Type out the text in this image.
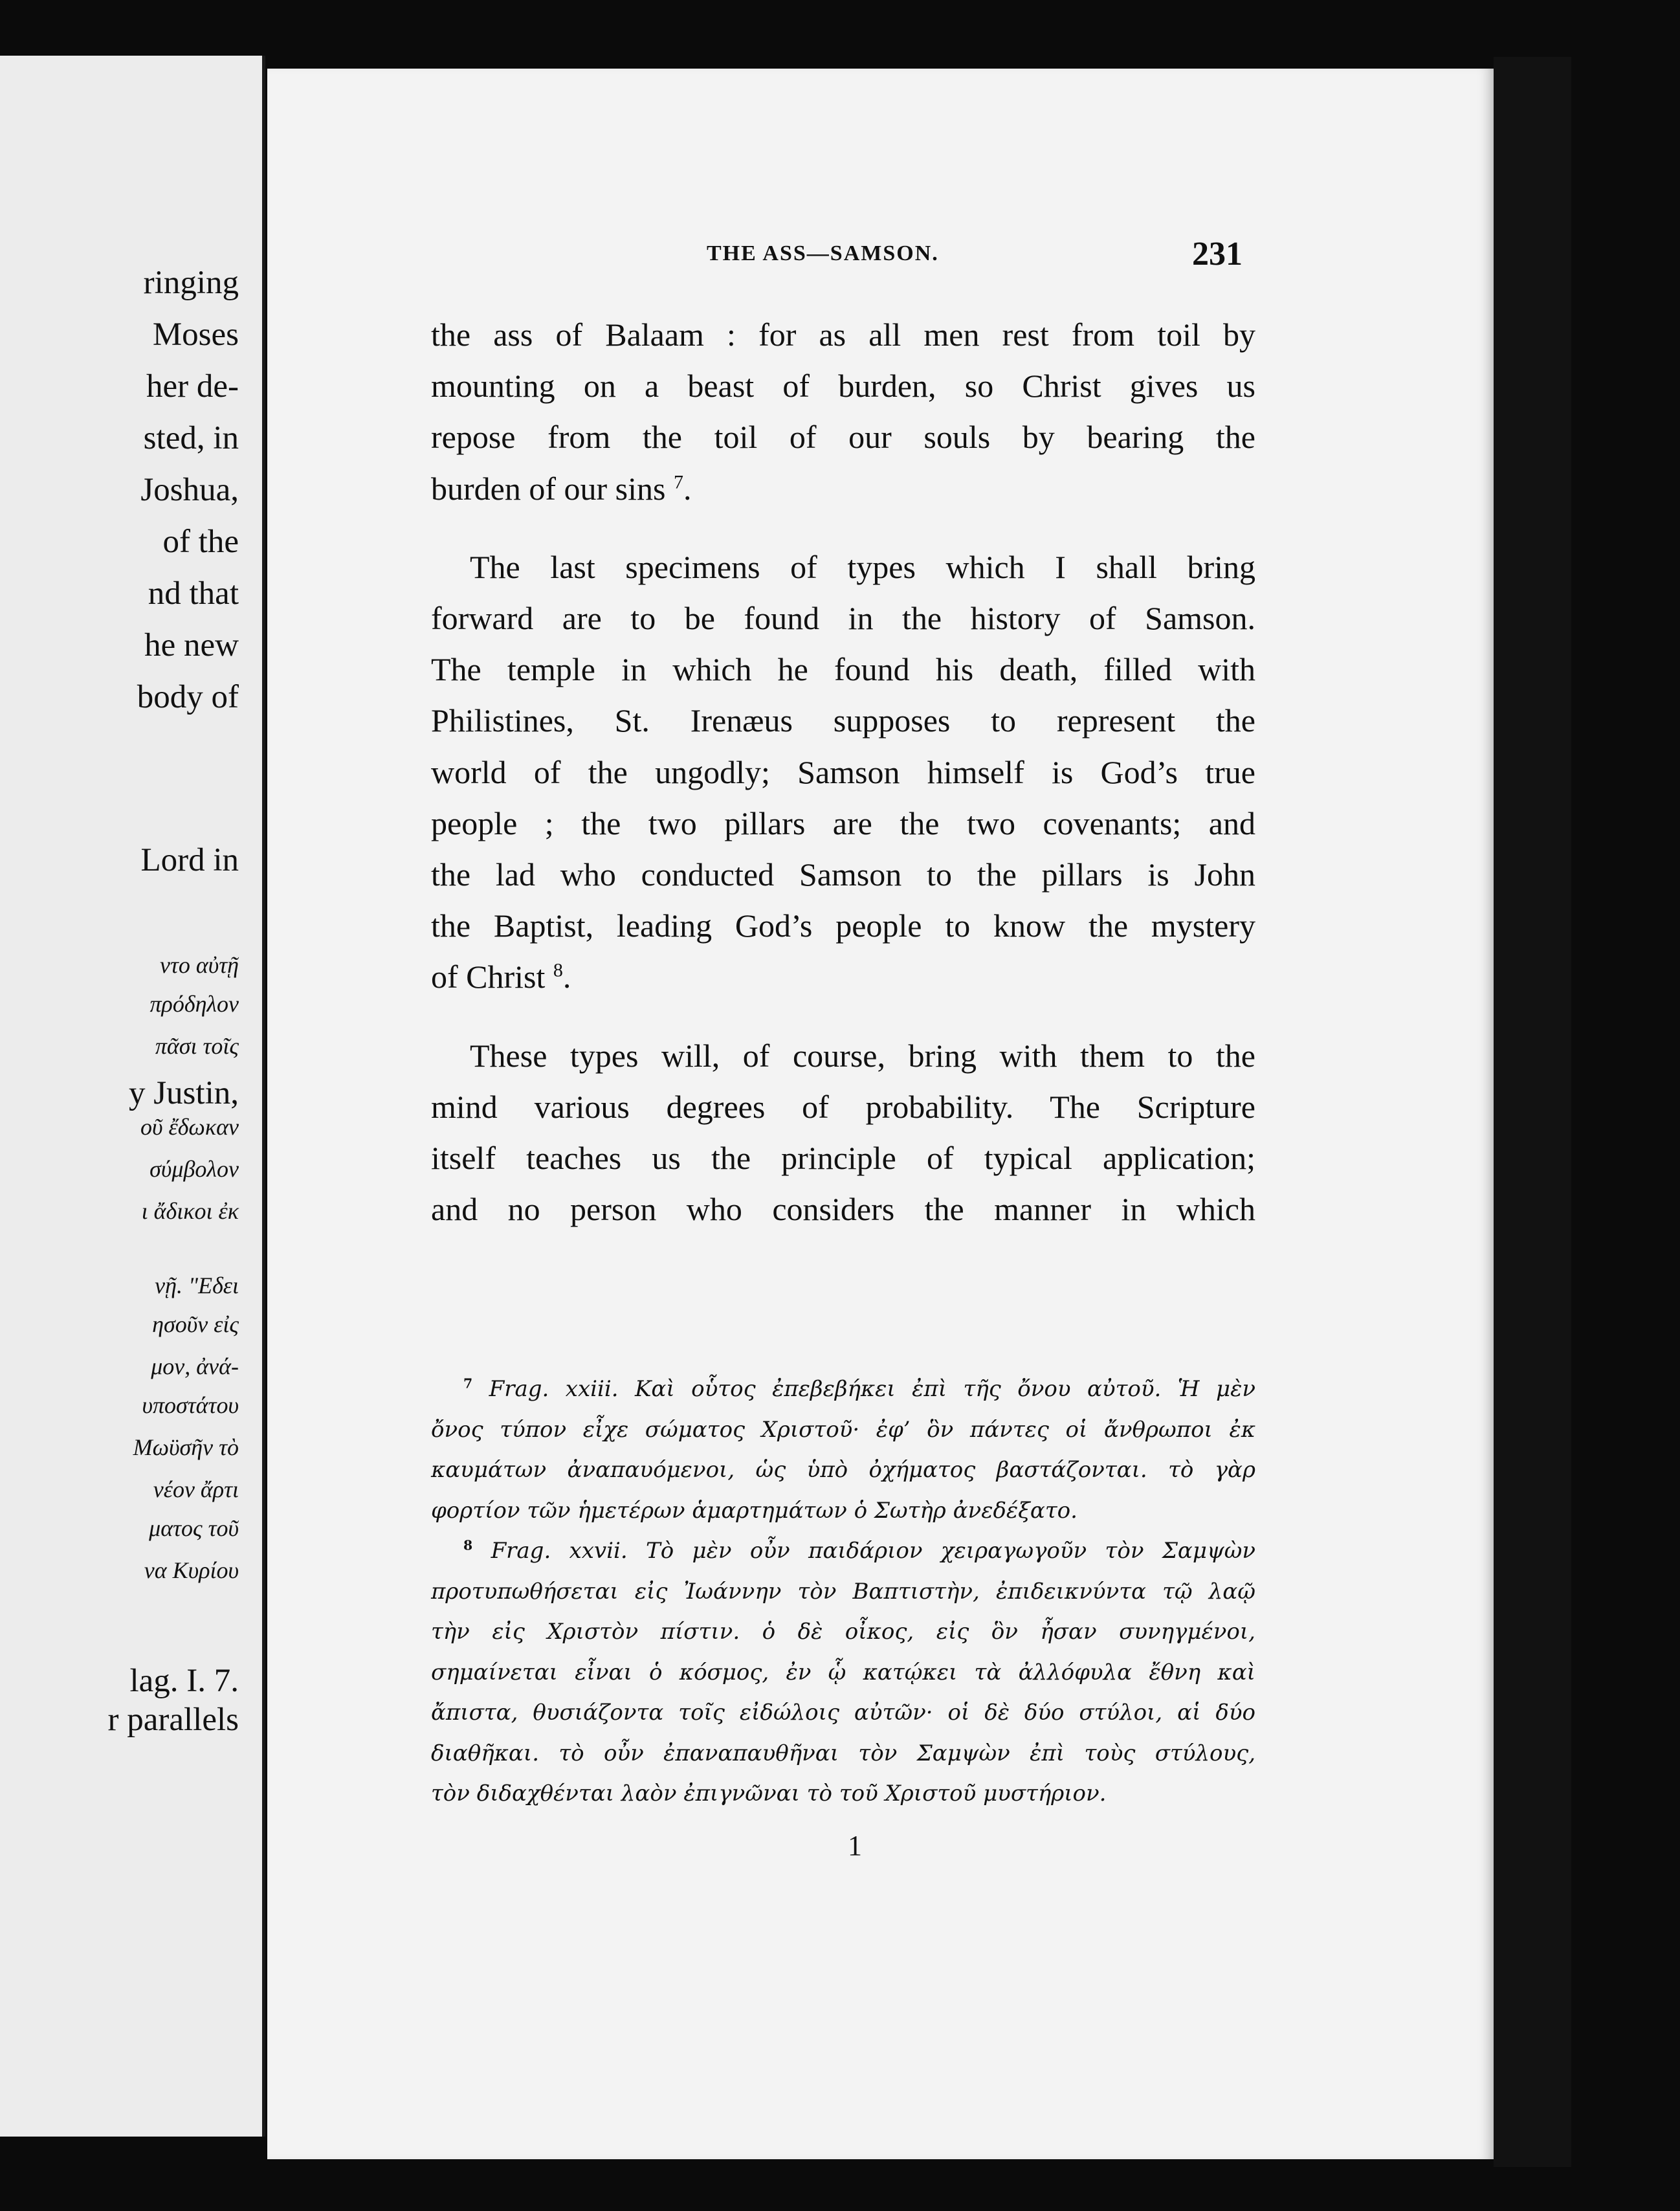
ringing
Moses
her de-
sted, in
Joshua,
of the
nd that
he new
body of
Lord in
ντο αὐτῇ
πρόδηλον
πᾶσι τοῖς
y Justin,
οῦ ἔδωκαν
σύμβολον
ι ἄδικοι ἐκ
νῇ. "Εδει
ησοῦν εἰς
μον, ἀνά-
υποστάτου
Μωϋσῆν τὸ
νέον ἄρτι
ματος τοῦ
να Κυρίου
lag. I. 7.
r parallels
THE ASS—SAMSON.	231
the ass of Balaam : for as all men rest from toil by
mounting on a beast of burden, so Christ gives us
repose from the toil of our souls by bearing the
burden of our sins $^7$.
The last specimens of types which I shall bring
forward are to be found in the history of Samson.
The temple in which he found his death, filled with
Philistines, St. Irenæus supposes to represent the
world of the ungodly; Samson himself is God’s true
people ; the two pillars are the two covenants; and
the lad who conducted Samson to the pillars is John
the Baptist, leading God’s people to know the mystery
of Christ $^8$.
These types will, of course, bring with them to the
mind various degrees of probability. The Scripture
itself teaches us the principle of typical application;
and no person who considers the manner in which
$^7$ Frag. xxiii. Καὶ οὗτος ἐπεβεβήκει ἐπὶ τῆς ὄνου αὐτοῦ. Ἡ μὲν
ὄνος τύπον εἶχε σώματος Χριστοῦ· ἐφ’ ὃν πάντες οἱ ἄνθρωποι ἐκ
καυμάτων ἀναπαυόμενοι, ὡς ὑπὸ ὀχήματος βαστάζονται. τὸ γὰρ
φορτίον τῶν ἡμετέρων ἁμαρτημάτων ὁ Σωτὴρ ἀνεδέξατο.
$^8$ Frag. xxvii. Τὸ μὲν οὖν παιδάριον χειραγωγοῦν τὸν Σαμψὼν
προτυπωθήσεται εἰς Ἰωάννην τὸν Βαπτιστὴν, ἐπιδεικνύντα τῷ λαῷ
τὴν εἰς Χριστὸν πίστιν. ὁ δὲ οἶκος, εἰς ὃν ἦσαν συνηγμένοι,
σημαίνεται εἶναι ὁ κόσμος, ἐν ᾧ κατῴκει τὰ ἀλλόφυλα ἔθνη καὶ
ἄπιστα, θυσιάζοντα τοῖς εἰδώλοις αὐτῶν· οἱ δὲ δύο στύλοι, αἱ δύο
διαθῆκαι. τὸ οὖν ἐπαναπαυθῆναι τὸν Σαμψὼν ἐπὶ τοὺς στύλους,
τὸν διδαχθένται λαὸν ἐπιγνῶναι τὸ τοῦ Χριστοῦ μυστήριον.
1
